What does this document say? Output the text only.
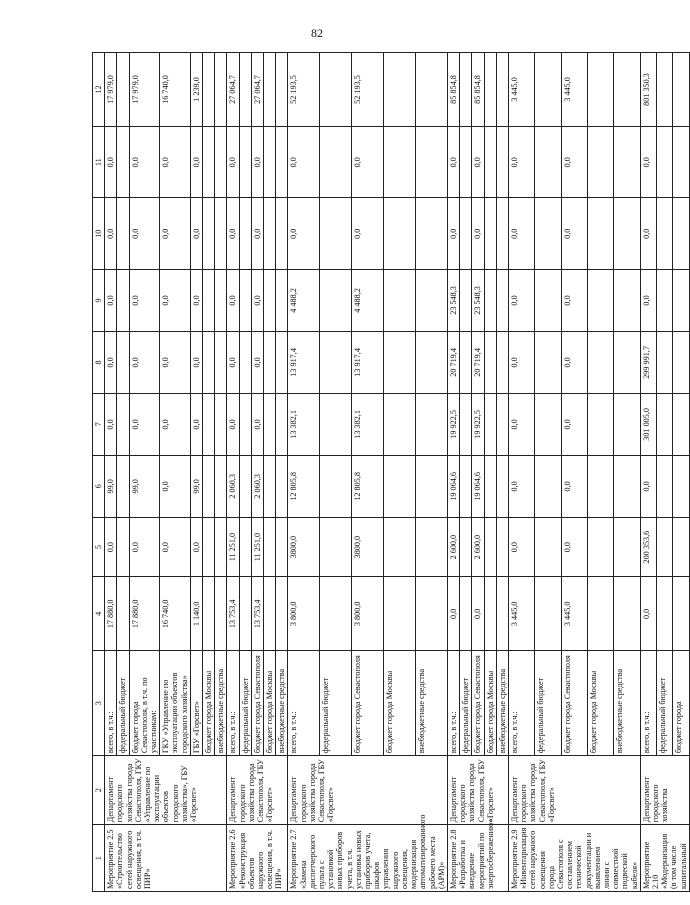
82
1	2	3	4	5	6	7	8	9	10	11	12
Мероприятие 2.5 «Строительство сетей наружного освещения, в т.ч. ПИР»	Департамент городского хозяйства города Севастополя, ГКУ «Управление по эксплуатации объектов городского хозяйства», ГБУ «Горсвет»	всего, в т.ч.:	17 880,0	0,0	99,0	0,0	0,0	0,0	0,0	0,0	17 979,0
		федеральный бюджет									
		бюджет города Севастополя, в т.ч. по участникам:	17 880,0	0,0	99,0	0,0	0,0	0,0	0,0	0,0	17 979,0
		ГКУ «Управление по эксплуатации объектов городского хозяйства»	16 740,0	0,0	0,0	0,0	0,0	0,0	0,0	0,0	16 740,0
		ГБУ «Горсвет»	1 140,0	0,0	99,0	0,0	0,0	0,0	0,0	0,0	1 239,0
		бюджет города Москвы									
		внебюджетные средства									
Мероприятие 2.6 «Реконструкция объектов наружного освещения, в т.ч. ПИР»	Департамент городского хозяйства города Севастополя, ГБУ «Горсвет»	всего, в т.ч.:	13 753,4	11 251,0	2 060,3	0,0	0,0	0,0	0,0	0,0	27 064,7
		федеральный бюджет									
		бюджет города Севастополя	13 753,4	11 251,0	2 060,3	0,0	0,0	0,0	0,0	0,0	27 064,7
		бюджет города Москвы									
		внебюджетные средства									
Мероприятие 2.7 «Замена диспетчерского пульта с установкой новых приборов учета, в т.ч. установка новых приборов учета, шкафов управления наружного освещения, модернизация автоматизированного рабочего места (АРМ)»	Департамент городского хозяйства города Севастополя, ГБУ «Горсвет»	всего, в т.ч.:	3 800,0	3800,0	12 805,8	13 382,1	13 917,4	4 488,2	0,0	0,0	52 193,5
		федеральный бюджет									
		бюджет города Севастополя	3 800,0	3800,0	12 805,8	13 382,1	13 917,4	4 488,2	0,0	0,0	52 193,5
		бюджет города Москвы									
		внебюджетные средства									
Мероприятие 2.8 «Разработка и внедрение мероприятий по энергосбережению»	Департамент городского хозяйства города Севастополя, ГБУ «Горсвет»	всего, в т.ч.:	0,0	2 600,0	19 064,6	19 922,5	20 719,4	23 548,3	0,0	0,0	85 854,8
		федеральный бюджет									
		бюджет города Севастополя	0,0	2 600,0	19 064,6	19 922,5	20 719,4	23 548,3	0,0	0,0	85 854,8
		бюджет города Москвы									
		внебюджетные средства									
Мероприятие 2.9 «Инвентаризация сетей наружного освещения города Севастополя с составлением технической документации и выявлением линии с совместной подвеской кабеля»	Департамент городского хозяйства города Севастополя, ГБУ «Горсвет»	всего, в т.ч.:	3 445,0	0,0	0,0	0,0	0,0	0,0	0,0	0,0	3 445,0
		федеральный бюджет									
		бюджет города Севастополя	3 445,0	0,0	0,0	0,0	0,0	0,0	0,0	0,0	3 445,0
		бюджет города Москвы									
		внебюджетные средства									
Мероприятие 2.10 «Модернизация (в том числе капитальный	Департамент городского хозяйства	всего, в т.ч.:	0,0	200 353,6	0,0	301 005,0	299 991,7	0,0	0,0	0,0	801 350,3
		федеральный бюджет									
		бюджет города									
